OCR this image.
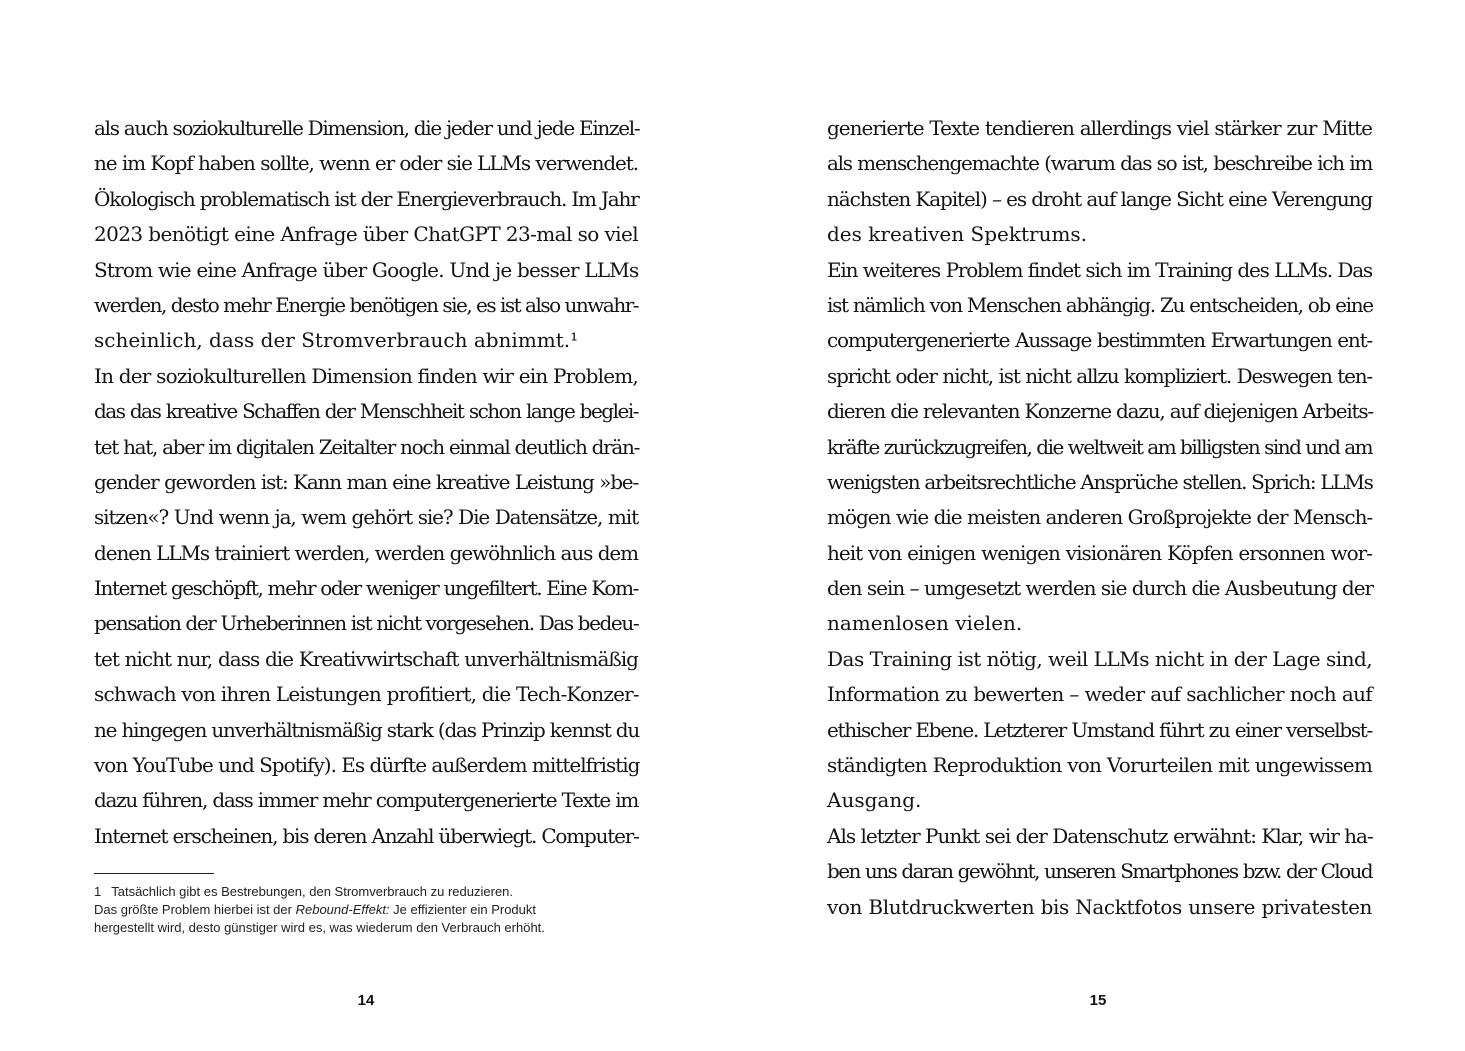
als auch soziokulturelle Dimension, die jeder und jede Einzel-
ne im Kopf haben sollte, wenn er oder sie LLMs verwendet.
Ökologisch problematisch ist der Energieverbrauch. Im Jahr
2023 benötigt eine Anfrage über ChatGPT 23-mal so viel
Strom wie eine Anfrage über Google. Und je besser LLMs
werden, desto mehr Energie benötigen sie, es ist also unwahr-
scheinlich, dass der Stromverbrauch abnimmt.¹
In der soziokulturellen Dimension finden wir ein Problem,
das das kreative Schaffen der Menschheit schon lange beglei-
tet hat, aber im digitalen Zeitalter noch einmal deutlich drän-
gender geworden ist: Kann man eine kreative Leistung »be-
sitzen«? Und wenn ja, wem gehört sie? Die Datensätze, mit
denen LLMs trainiert werden, werden gewöhnlich aus dem
Internet geschöpft, mehr oder weniger ungefiltert. Eine Kom-
pensation der Urheberinnen ist nicht vorgesehen. Das bedeu-
tet nicht nur, dass die Kreativwirtschaft unverhältnismäßig
schwach von ihren Leistungen profitiert, die Tech-Konzer-
ne hingegen unverhältnismäßig stark (das Prinzip kennst du
von YouTube und Spotify). Es dürfte außerdem mittelfristig
dazu führen, dass immer mehr computergenerierte Texte im
Internet erscheinen, bis deren Anzahl überwiegt. Computer-
1 Tatsächlich gibt es Bestrebungen, den Stromverbrauch zu reduzieren.
Das größte Problem hierbei ist der Rebound-Effekt: Je effizienter ein Produkt
hergestellt wird, desto günstiger wird es, was wiederum den Verbrauch erhöht.
14
generierte Texte tendieren allerdings viel stärker zur Mitte
als menschengemachte (warum das so ist, beschreibe ich im
nächsten Kapitel) – es droht auf lange Sicht eine Verengung
des kreativen Spektrums.
Ein weiteres Problem findet sich im Training des LLMs. Das
ist nämlich von Menschen abhängig. Zu entscheiden, ob eine
computergenerierte Aussage bestimmten Erwartungen ent-
spricht oder nicht, ist nicht allzu kompliziert. Deswegen ten-
dieren die relevanten Konzerne dazu, auf diejenigen Arbeits-
kräfte zurückzugreifen, die weltweit am billigsten sind und am
wenigsten arbeitsrechtliche Ansprüche stellen. Sprich: LLMs
mögen wie die meisten anderen Großprojekte der Mensch-
heit von einigen wenigen visionären Köpfen ersonnen wor-
den sein – umgesetzt werden sie durch die Ausbeutung der
namenlosen vielen.
Das Training ist nötig, weil LLMs nicht in der Lage sind,
Information zu bewerten – weder auf sachlicher noch auf
ethischer Ebene. Letzterer Umstand führt zu einer verselbst-
ständigten Reproduktion von Vorurteilen mit ungewissem
Ausgang.
Als letzter Punkt sei der Datenschutz erwähnt: Klar, wir ha-
ben uns daran gewöhnt, unseren Smartphones bzw. der Cloud
von Blutdruckwerten bis Nacktfotos unsere privatesten
15
